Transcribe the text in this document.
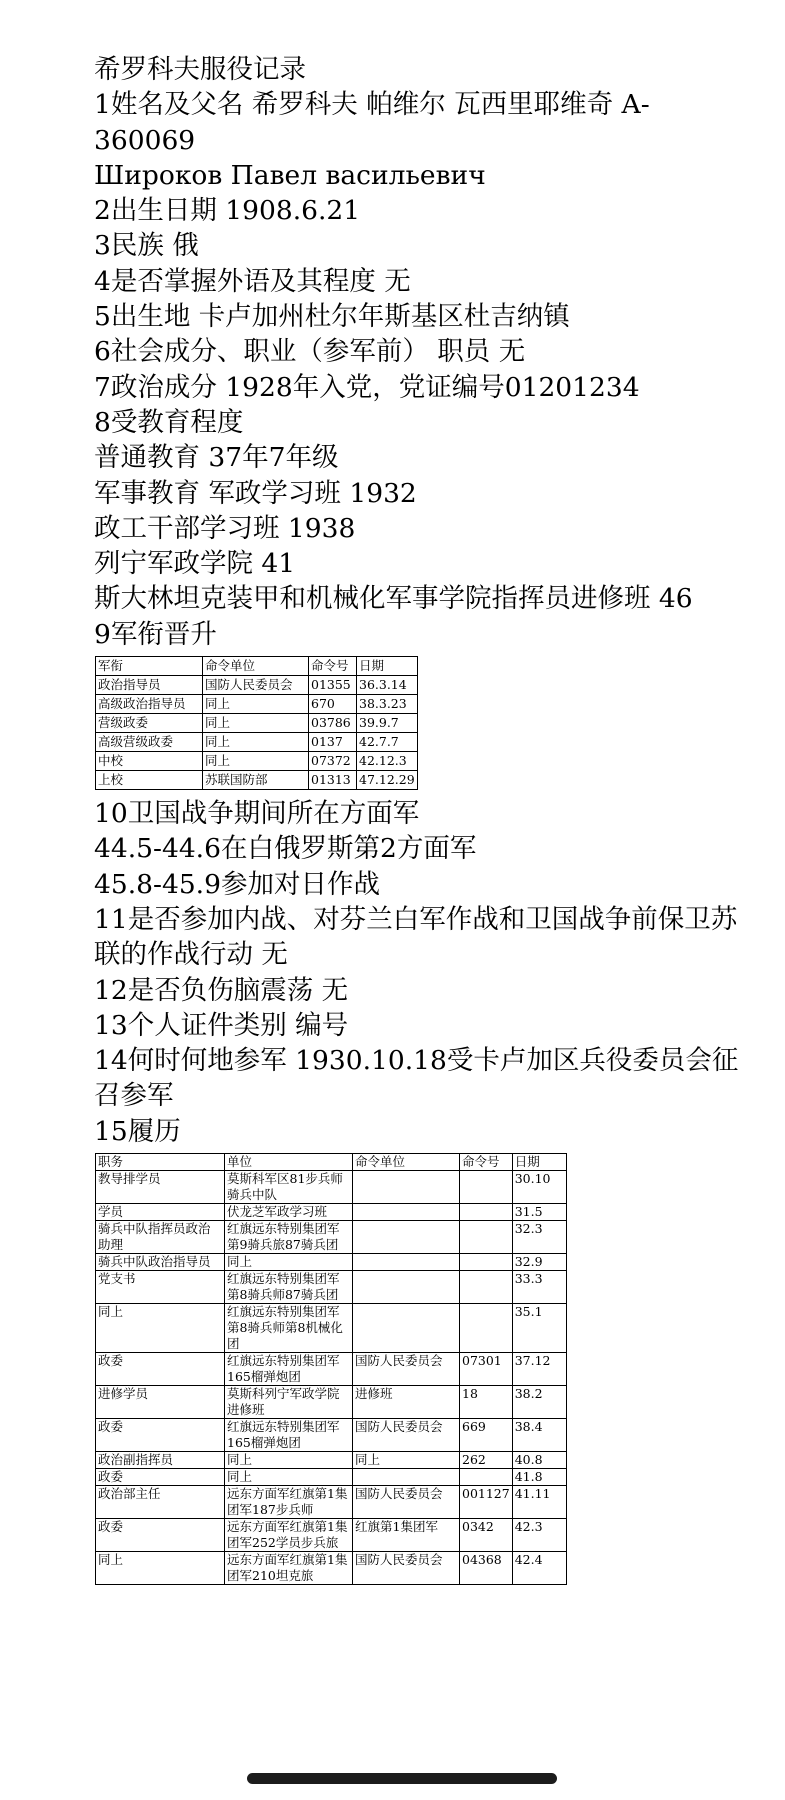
希罗科夫服役记录
1姓名及父名 希罗科夫 帕维尔 瓦西里耶维奇 A-
360069
Широков Павел васильевич
2出生日期 1908.6.21
3民族 俄
4是否掌握外语及其程度 无
5出生地 卡卢加州杜尔年斯基区杜吉纳镇
6社会成分、职业（参军前） 职员 无
7政治成分 1928年入党，党证编号01201234
8受教育程度
普通教育 37年7年级
军事教育 军政学习班 1932
政工干部学习班 1938
列宁军政学院 41
斯大林坦克装甲和机械化军事学院指挥员进修班 46
9军衔晋升
军衔	命令单位	命令号	日期
政治指导员	国防人民委员会	01355	36.3.14
高级政治指导员	同上	670	38.3.23
营级政委	同上	03786	39.9.7
高级营级政委	同上	0137	42.7.7
中校	同上	07372	42.12.3
上校	苏联国防部	01313	47.12.29
10卫国战争期间所在方面军
44.5-44.6在白俄罗斯第2方面军
45.8-45.9参加对日作战
11是否参加内战、对芬兰白军作战和卫国战争前保卫苏联的作战行动 无
12是否负伤脑震荡 无
13个人证件类别 编号
14何时何地参军 1930.10.18受卡卢加区兵役委员会征召参军
15履历
职务	单位	命令单位	命令号	日期
教导排学员	莫斯科军区81步兵师骑兵中队			30.10
学员	伏龙芝军政学习班			31.5
骑兵中队指挥员政治助理	红旗远东特别集团军第9骑兵旅87骑兵团			32.3
骑兵中队政治指导员	同上			32.9
党支书	红旗远东特别集团军第8骑兵师87骑兵团			33.3
同上	红旗远东特别集团军第8骑兵师第8机械化团			35.1
政委	红旗远东特别集团军165榴弹炮团	国防人民委员会	07301	37.12
进修学员	莫斯科列宁军政学院进修班	进修班	18	38.2
政委	红旗远东特别集团军165榴弹炮团	国防人民委员会	669	38.4
政治副指挥员	同上	同上	262	40.8
政委	同上			41.8
政治部主任	远东方面军红旗第1集团军187步兵师	国防人民委员会	001127	41.11
政委	远东方面军红旗第1集团军252学员步兵旅	红旗第1集团军	0342	42.3
同上	远东方面军红旗第1集团军210坦克旅	国防人民委员会	04368	42.4
